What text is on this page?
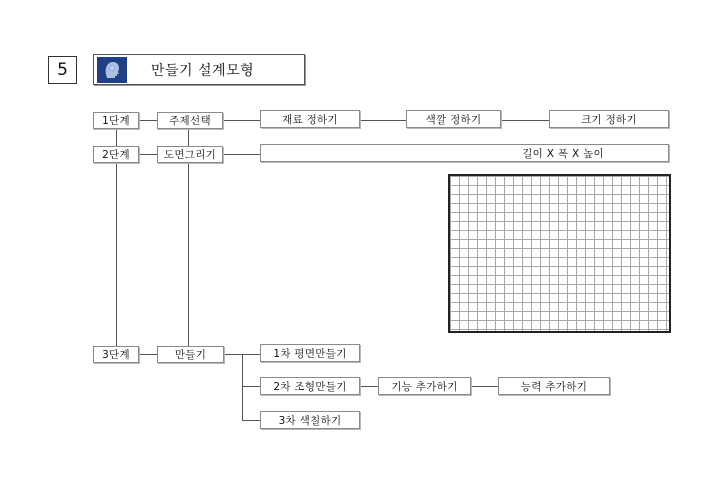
5	만들기 설계모형
1단계	주제선택	재료 정하기	색깔 정하기	크기 정하기
2단계	도면그리기	길이 X 폭 X 높이
3단계	만들기	1차 평면만들기
2차 조형만들기	기능 추가하기	능력 추가하기
3차 색칠하기
